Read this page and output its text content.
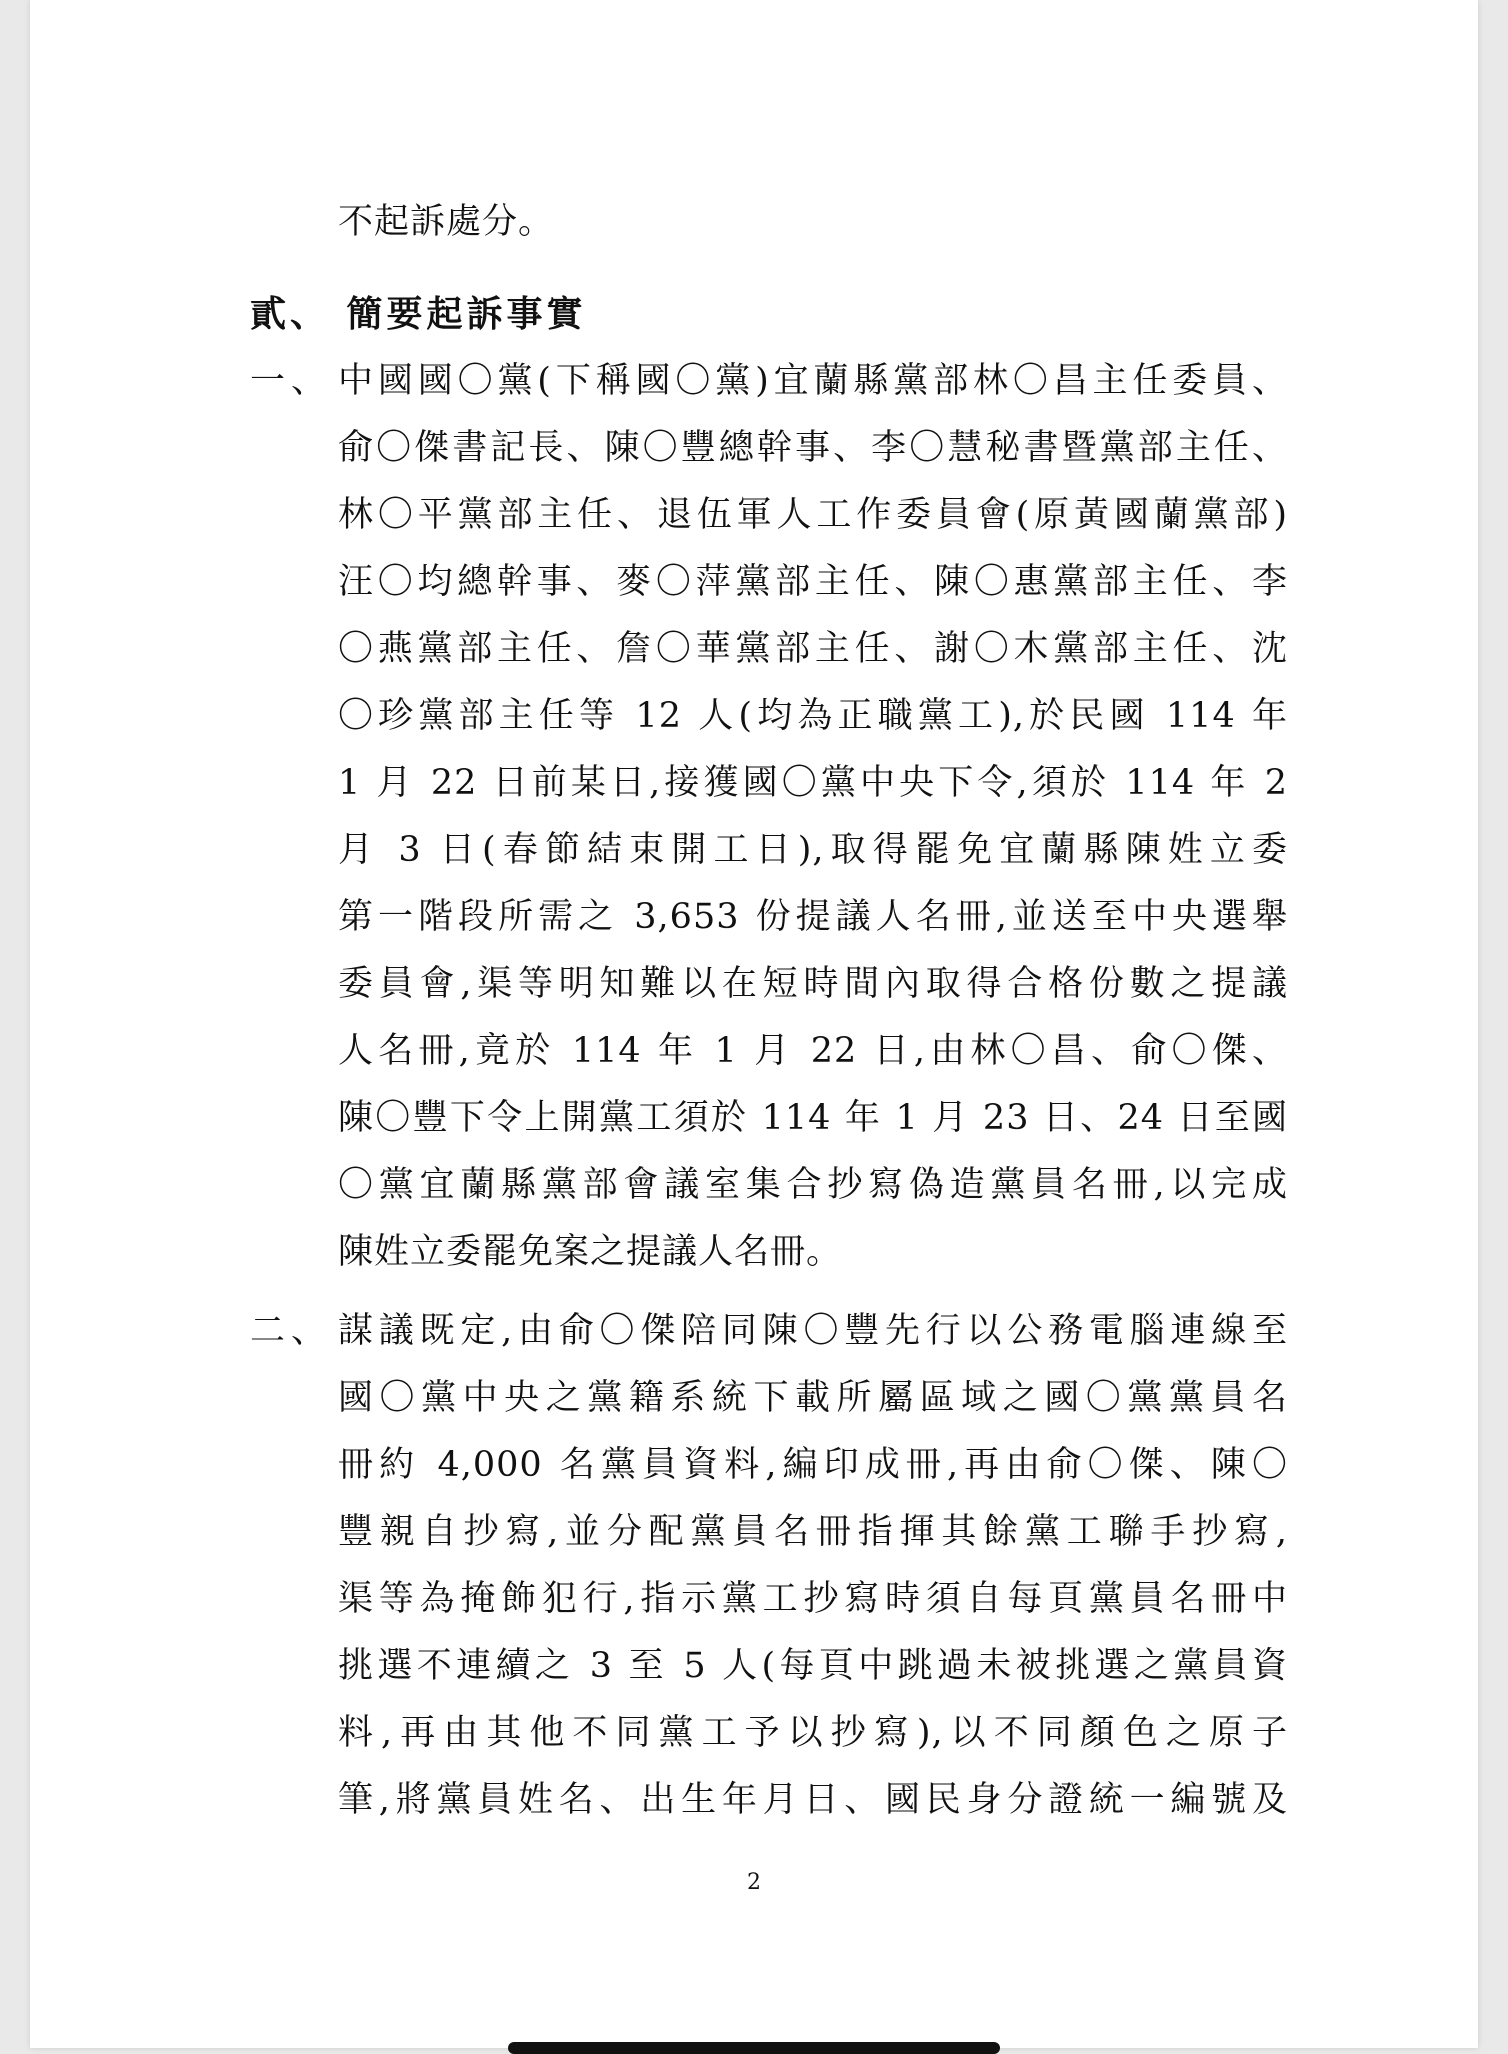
不起訴處分。
貳、 簡要起訴事實
一、 中國國〇黨(下稱國〇黨)宜蘭縣黨部林〇昌主任委員、
俞〇傑書記長、陳〇豐總幹事、李〇慧秘書暨黨部主任、
林〇平黨部主任、退伍軍人工作委員會(原黃國蘭黨部)
汪〇均總幹事、麥〇萍黨部主任、陳〇惠黨部主任、李
〇燕黨部主任、詹〇華黨部主任、謝〇木黨部主任、沈
〇珍黨部主任等 12 人(均為正職黨工),於民國 114 年
1 月 22 日前某日,接獲國〇黨中央下令,須於 114 年 2
月 3 日(春節結束開工日),取得罷免宜蘭縣陳姓立委
第一階段所需之 3,653 份提議人名冊,並送至中央選舉
委員會,渠等明知難以在短時間內取得合格份數之提議
人名冊,竟於 114 年 1 月 22 日,由林〇昌、俞〇傑、
陳〇豐下令上開黨工須於 114 年 1 月 23 日、24 日至國
〇黨宜蘭縣黨部會議室集合抄寫偽造黨員名冊,以完成
陳姓立委罷免案之提議人名冊。
二、 謀議既定,由俞〇傑陪同陳〇豐先行以公務電腦連線至
國〇黨中央之黨籍系統下載所屬區域之國〇黨黨員名
冊約 4,000 名黨員資料,編印成冊,再由俞〇傑、陳〇
豐親自抄寫,並分配黨員名冊指揮其餘黨工聯手抄寫,
渠等為掩飾犯行,指示黨工抄寫時須自每頁黨員名冊中
挑選不連續之 3 至 5 人(每頁中跳過未被挑選之黨員資
料,再由其他不同黨工予以抄寫),以不同顏色之原子
筆,將黨員姓名、出生年月日、國民身分證統一編號及
2
